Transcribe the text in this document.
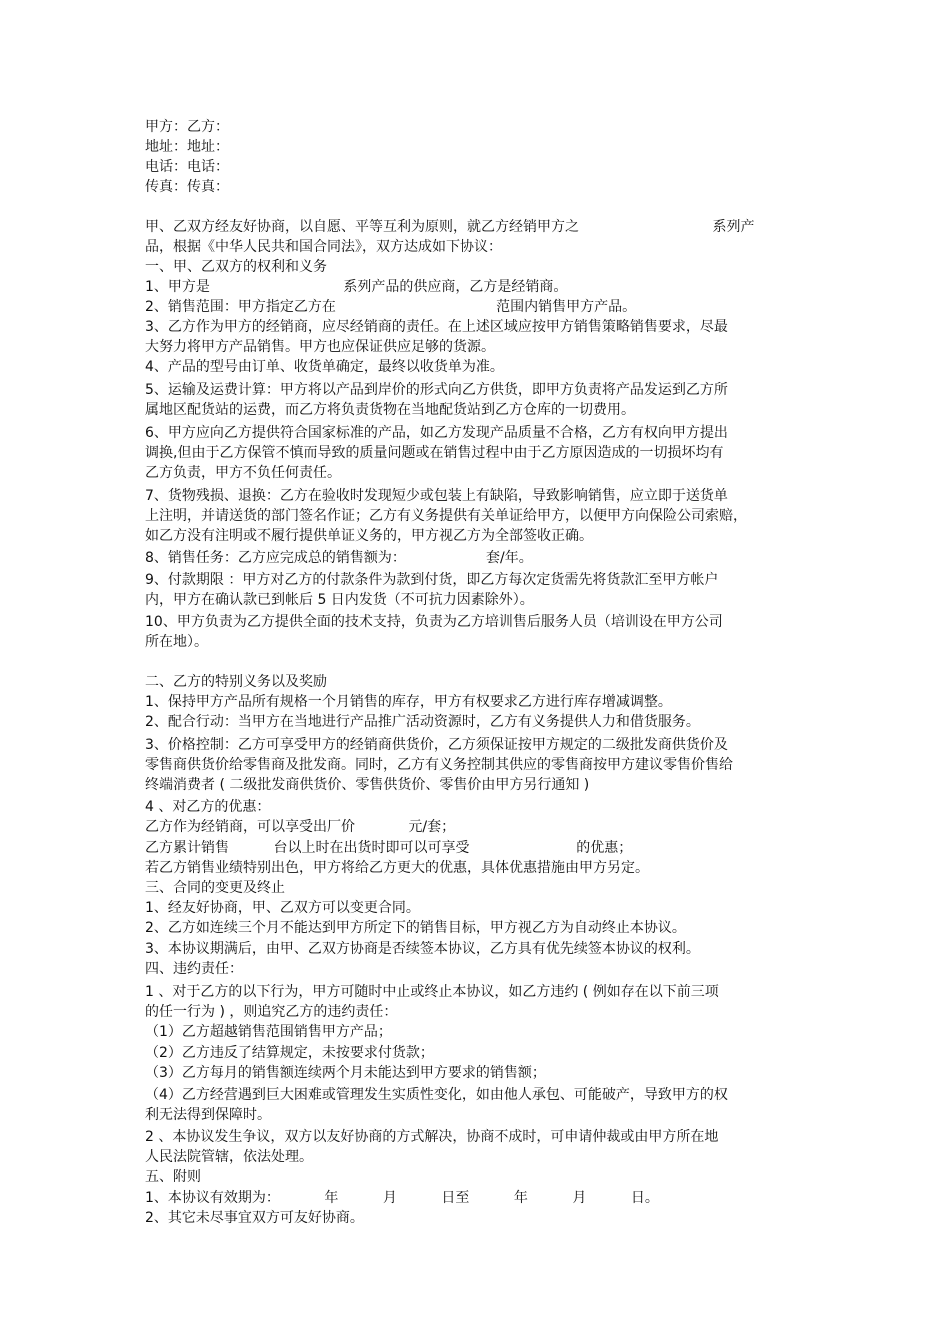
甲方：乙方：
地址：地址：
电话：电话：
传真：传真：
甲、乙双方经友好协商，以自愿、平等互利为原则，就乙方经销甲方之                              系列产
品，根据《中华人民共和国合同法》，双方达成如下协议：
一、甲、乙双方的权利和义务
1、甲方是                              系列产品的供应商，乙方是经销商。
2、销售范围：甲方指定乙方在                                    范围内销售甲方产品。
3、乙方作为甲方的经销商，应尽经销商的责任。在上述区域应按甲方销售策略销售要求，尽最
大努力将甲方产品销售。甲方也应保证供应足够的货源。
4、产品的型号由订单、收货单确定，最终以收货单为准。
5、运输及运费计算：甲方将以产品到岸价的形式向乙方供货，即甲方负责将产品发运到乙方所
属地区配货站的运费，而乙方将负责货物在当地配货站到乙方仓库的一切费用。
6、甲方应向乙方提供符合国家标准的产品，如乙方发现产品质量不合格，乙方有权向甲方提出
调换,但由于乙方保管不慎而导致的质量问题或在销售过程中由于乙方原因造成的一切损坏均有
乙方负责，甲方不负任何责任。
7、货物残损、退换：乙方在验收时发现短少或包装上有缺陷，导致影响销售，应立即于送货单
上注明，并请送货的部门签名作证；乙方有义务提供有关单证给甲方，以便甲方向保险公司索赔，
如乙方没有注明或不履行提供单证义务的，甲方视乙方为全部签收正确。
8、销售任务：乙方应完成总的销售额为：                  套/年。
9、付款期限 ：甲方对乙方的付款条件为款到付货，即乙方每次定货需先将货款汇至甲方帐户
内，甲方在确认款已到帐后 5 日内发货（不可抗力因素除外）。
10、甲方负责为乙方提供全面的技术支持，负责为乙方培训售后服务人员（培训设在甲方公司
所在地）。
二、乙方的特别义务以及奖励
1、保持甲方产品所有规格一个月销售的库存，甲方有权要求乙方进行库存增减调整。
2、配合行动：当甲方在当地进行产品推广活动资源时，乙方有义务提供人力和借货服务。
3、价格控制：乙方可享受甲方的经销商供货价，乙方须保证按甲方规定的二级批发商供货价及
零售商供货价给零售商及批发商。同时，乙方有义务控制其供应的零售商按甲方建议零售价售给
终端消费者 ( 二级批发商供货价、零售供货价、零售价由甲方另行通知 )
4 、对乙方的优惠：
乙方作为经销商，可以享受出厂价            元/套；
乙方累计销售          台以上时在出货时即可以可享受                        的优惠；
若乙方销售业绩特别出色，甲方将给乙方更大的优惠，具体优惠措施由甲方另定。
三、合同的变更及终止
1、经友好协商，甲、乙双方可以变更合同。
2、乙方如连续三个月不能达到甲方所定下的销售目标，甲方视乙方为自动终止本协议。
3、本协议期满后，由甲、乙双方协商是否续签本协议，乙方具有优先续签本协议的权利。
四、违约责任：
1 、对于乙方的以下行为，甲方可随时中止或终止本协议，如乙方违约 ( 例如存在以下前三项
的任一行为 ) ，则追究乙方的违约责任：
（1）乙方超越销售范围销售甲方产品；
（2）乙方违反了结算规定，未按要求付货款；
（3）乙方每月的销售额连续两个月未能达到甲方要求的销售额；
（4）乙方经营遇到巨大困难或管理发生实质性变化，如由他人承包、可能破产，导致甲方的权
利无法得到保障时。
2 、本协议发生争议，双方以友好协商的方式解决，协商不成时，可申请仲裁或由甲方所在地
人民法院管辖，依法处理。
五、附则
1、本协议有效期为：          年          月          日至          年          月          日。
2、其它未尽事宜双方可友好协商。
